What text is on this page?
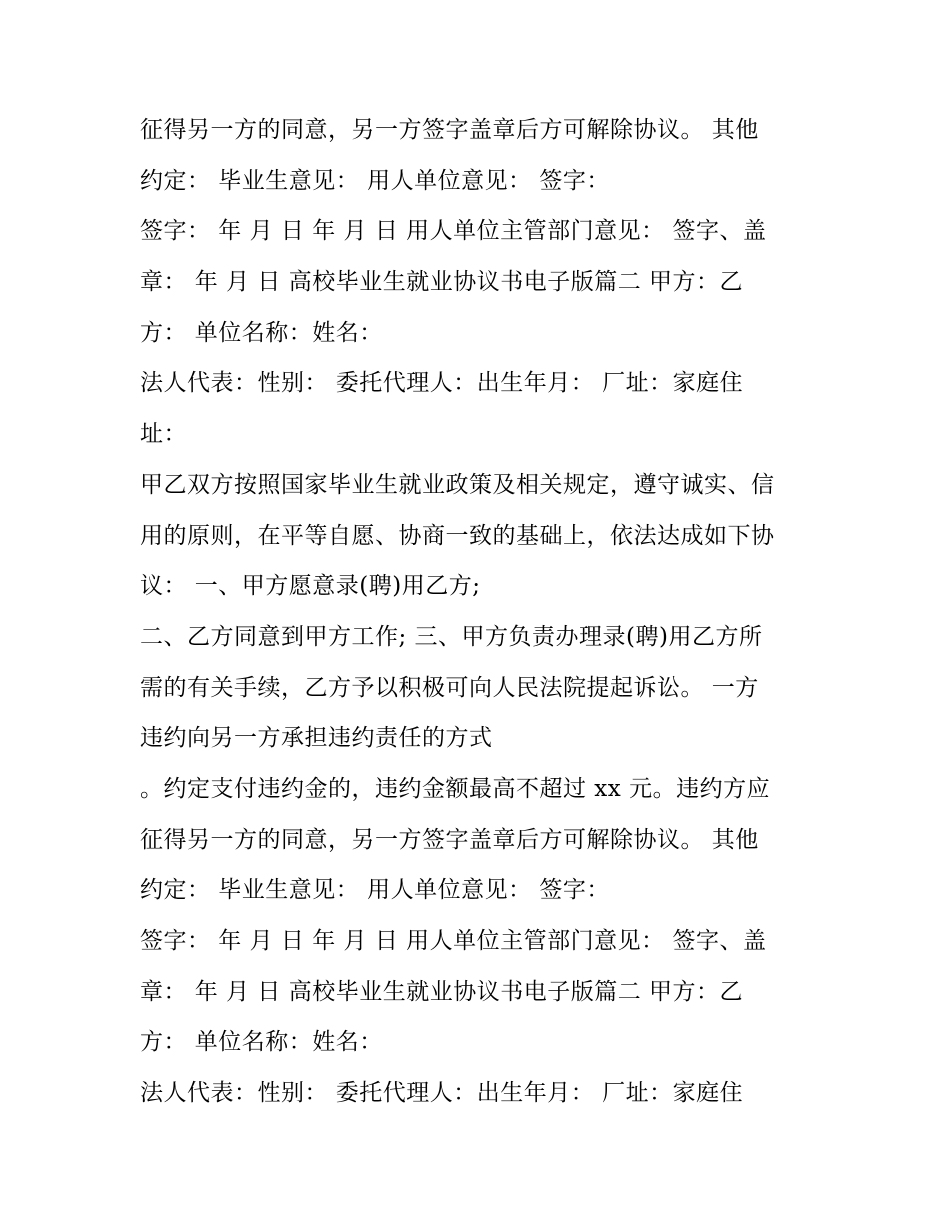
征得另一方的同意，另一方签字盖章后方可解除协议。 其他
约定： 毕业生意见： 用人单位意见： 签字：
签字： 年 月 日 年 月 日 用人单位主管部门意见： 签字、盖
章： 年 月 日 高校毕业生就业协议书电子版篇二 甲方：乙
方： 单位名称：姓名：
法人代表：性别： 委托代理人：出生年月： 厂址：家庭住
址：
甲乙双方按照国家毕业生就业政策及相关规定，遵守诚实、信
用的原则，在平等自愿、协商一致的基础上，依法达成如下协
议： 一、甲方愿意录(聘)用乙方;
二、乙方同意到甲方工作; 三、甲方负责办理录(聘)用乙方所
需的有关手续，乙方予以积极可向人民法院提起诉讼。 一方
违约向另一方承担违约责任的方式
。约定支付违约金的，违约金额最高不超过 xx 元。违约方应
征得另一方的同意，另一方签字盖章后方可解除协议。 其他
约定： 毕业生意见： 用人单位意见： 签字：
签字： 年 月 日 年 月 日 用人单位主管部门意见： 签字、盖
章： 年 月 日 高校毕业生就业协议书电子版篇二 甲方：乙
方： 单位名称：姓名：
法人代表：性别： 委托代理人：出生年月： 厂址：家庭住
